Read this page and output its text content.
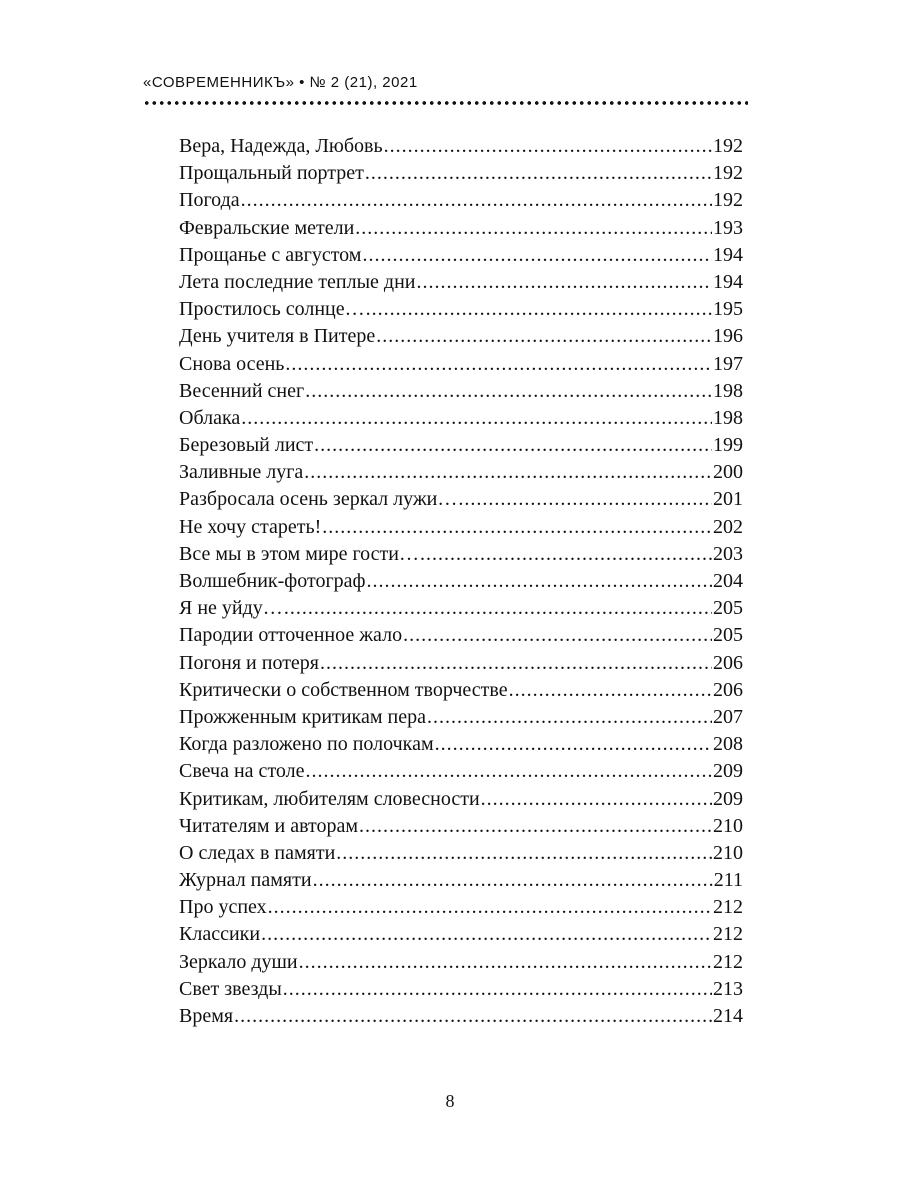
«СОВРЕМЕННИКЪ» • № 2 (21), 2021
Вера, Надежда, Любовь .....	192
Прощальный портрет .....	192
Погода .....	192
Февральские метели .....	193
Прощанье с августом .....	194
Лета последние теплые дни .....	194
Простилось солнце… .....	195
День учителя в Питере .....	196
Снова осень .....	197
Весенний снег .....	198
Облака .....	198
Березовый лист .....	199
Заливные луга .....	200
Разбросала осень зеркал лужи… .....	201
Не хочу стареть! .....	202
Все мы в этом мире гости… .....	203
Волшебник-фотограф .....	204
Я не уйду… .....	205
Пародии отточенное жало .....	205
Погоня и потеря .....	206
Критически о собственном творчестве .....	206
Прожженным критикам пера .....	207
Когда разложено по полочкам .....	208
Свеча на столе .....	209
Критикам, любителям словесности .....	209
Читателям и авторам .....	210
О следах в памяти .....	210
Журнал памяти .....	211
Про успех .....	212
Классики .....	212
Зеркало души .....	212
Свет звезды .....	213
Время .....	214
8
